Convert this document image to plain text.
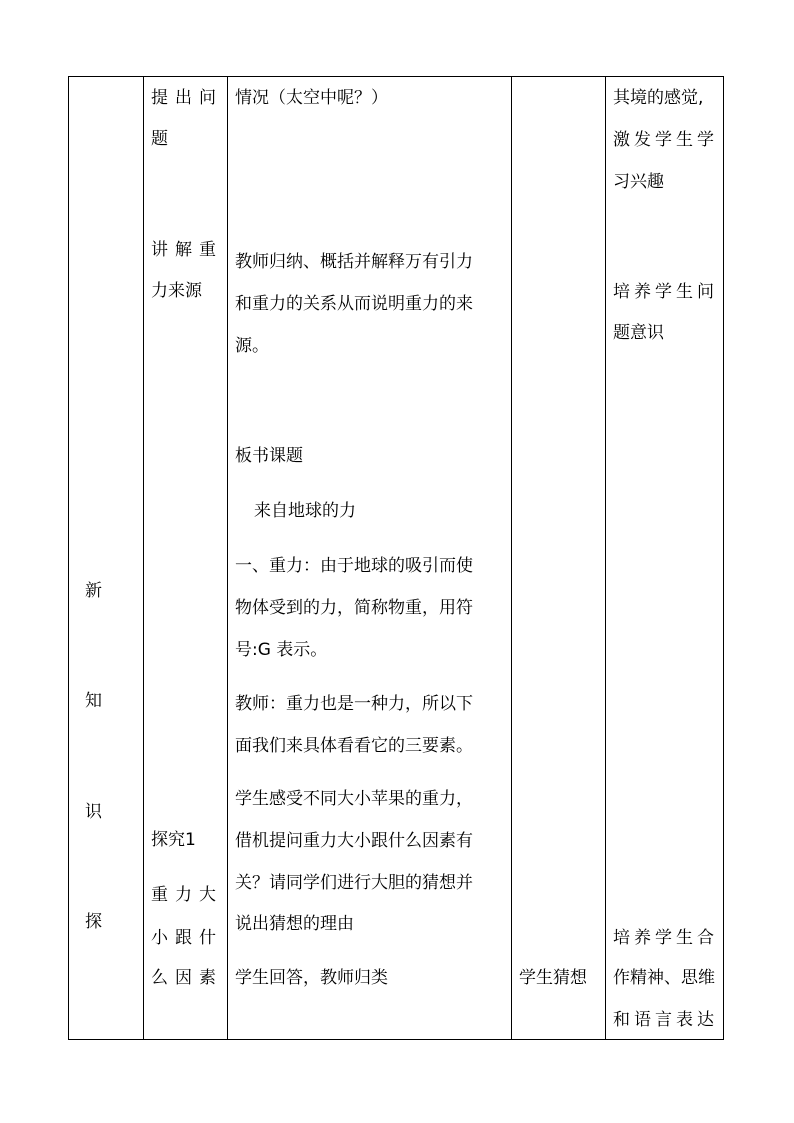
新
知
识
探
提出问
题
讲解重
力来源
探究1
重力大
小跟什
么因素
情况（太空中呢？）
教师归纳、概括并解释万有引力
和重力的关系从而说明重力的来
源。
板书课题
来自地球的力
一、重力：由于地球的吸引而使
物体受到的力，简称物重，用符
号:G 表示。
教师：重力也是一种力，所以下
面我们来具体看看它的三要素。
学生感受不同大小苹果的重力，
借机提问重力大小跟什么因素有
关？请同学们进行大胆的猜想并
说出猜想的理由
学生回答，教师归类	学生猜想
其境的感觉,
激发学生学
习兴趣
培养学生问
题意识
培养学生合
作精神、思维
和语言表达
